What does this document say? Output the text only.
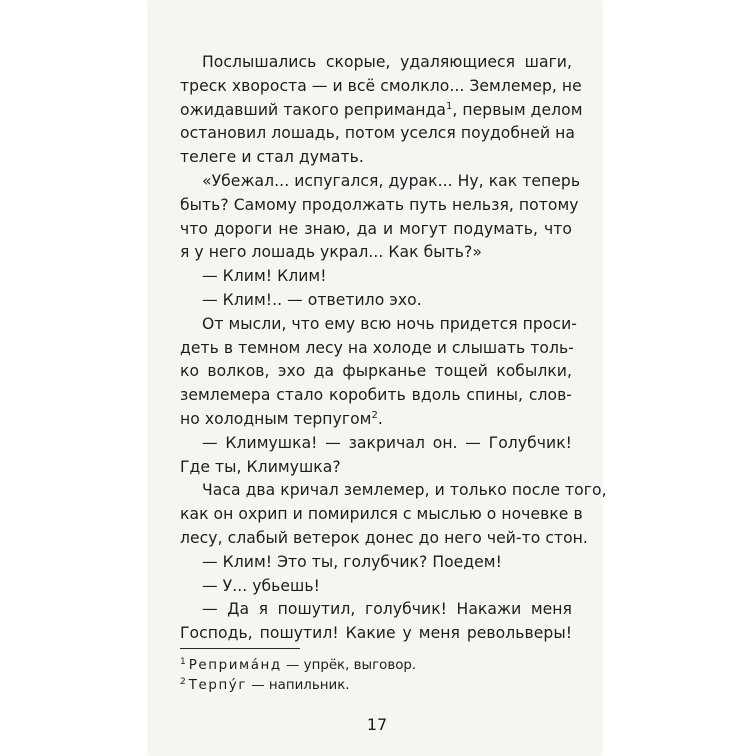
Послышались скорые, удаляющиеся шаги,
треск хвороста — и всё смолкло... Землемер, не
ожидавший такого реприманда$^1$, первым делом
остановил лошадь, потом уселся поудобней на
телеге и стал думать.
«Убежал... испугался, дурак... Ну, как теперь
быть? Самому продолжать путь нельзя, потому
что дороги не знаю, да и могут подумать, что
я у него лошадь украл... Как быть?»
— Клим! Клим!
— Клим!.. — ответило эхо.
От мысли, что ему всю ночь придется проси-
деть в темном лесу на холоде и слышать толь-
ко волков, эхо да фырканье тощей кобылки,
землемера стало коробить вдоль спины, слов-
но холодным терпугом$^2$.
— Климушка! — закричал он. — Голубчик!
Где ты, Климушка?
Часа два кричал землемер, и только после того,
как он охрип и помирился с мыслью о ночевке в
лесу, слабый ветерок донес до него чей-то стон.
— Клим! Это ты, голубчик? Поедем!
— У... убьешь!
— Да я пошутил, голубчик! Накажи меня
Господь, пошутил! Какие у меня револьверы!
$^1$ Реприма́нд — упрёк, выговор.
$^2$ Терпу́г — напильник.
17
